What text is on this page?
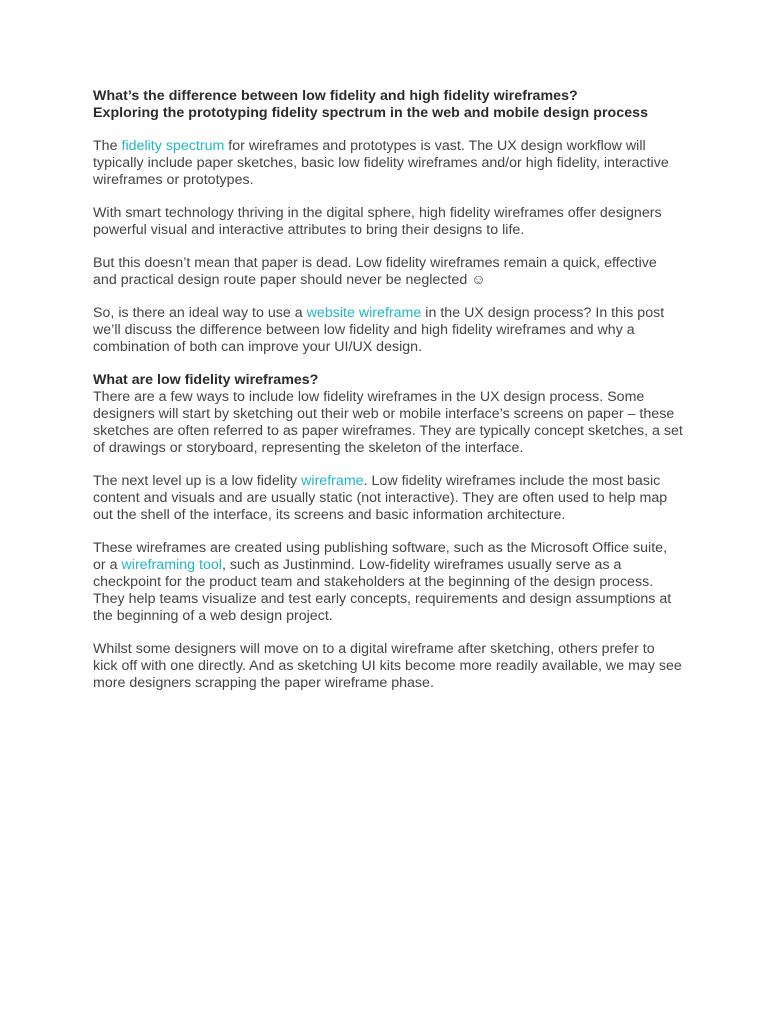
What’s the difference between low fidelity and high fidelity wireframes?
Exploring the prototyping fidelity spectrum in the web and mobile design process

The fidelity spectrum for wireframes and prototypes is vast. The UX design workflow will typically include paper sketches, basic low fidelity wireframes and/or high fidelity, interactive wireframes or prototypes.

With smart technology thriving in the digital sphere, high fidelity wireframes offer designers powerful visual and interactive attributes to bring their designs to life.

But this doesn’t mean that paper is dead. Low fidelity wireframes remain a quick, effective and practical design route paper should never be neglected ☺

So, is there an ideal way to use a website wireframe in the UX design process? In this post we’ll discuss the difference between low fidelity and high fidelity wireframes and why a combination of both can improve your UI/UX design.

What are low fidelity wireframes?
There are a few ways to include low fidelity wireframes in the UX design process. Some designers will start by sketching out their web or mobile interface’s screens on paper – these sketches are often referred to as paper wireframes. They are typically concept sketches, a set of drawings or storyboard, representing the skeleton of the interface.

The next level up is a low fidelity wireframe. Low fidelity wireframes include the most basic content and visuals and are usually static (not interactive). They are often used to help map out the shell of the interface, its screens and basic information architecture.

These wireframes are created using publishing software, such as the Microsoft Office suite, or a wireframing tool, such as Justinmind. Low-fidelity wireframes usually serve as a checkpoint for the product team and stakeholders at the beginning of the design process. They help teams visualize and test early concepts, requirements and design assumptions at the beginning of a web design project.

Whilst some designers will move on to a digital wireframe after sketching, others prefer to kick off with one directly. And as sketching UI kits become more readily available, we may see more designers scrapping the paper wireframe phase.
